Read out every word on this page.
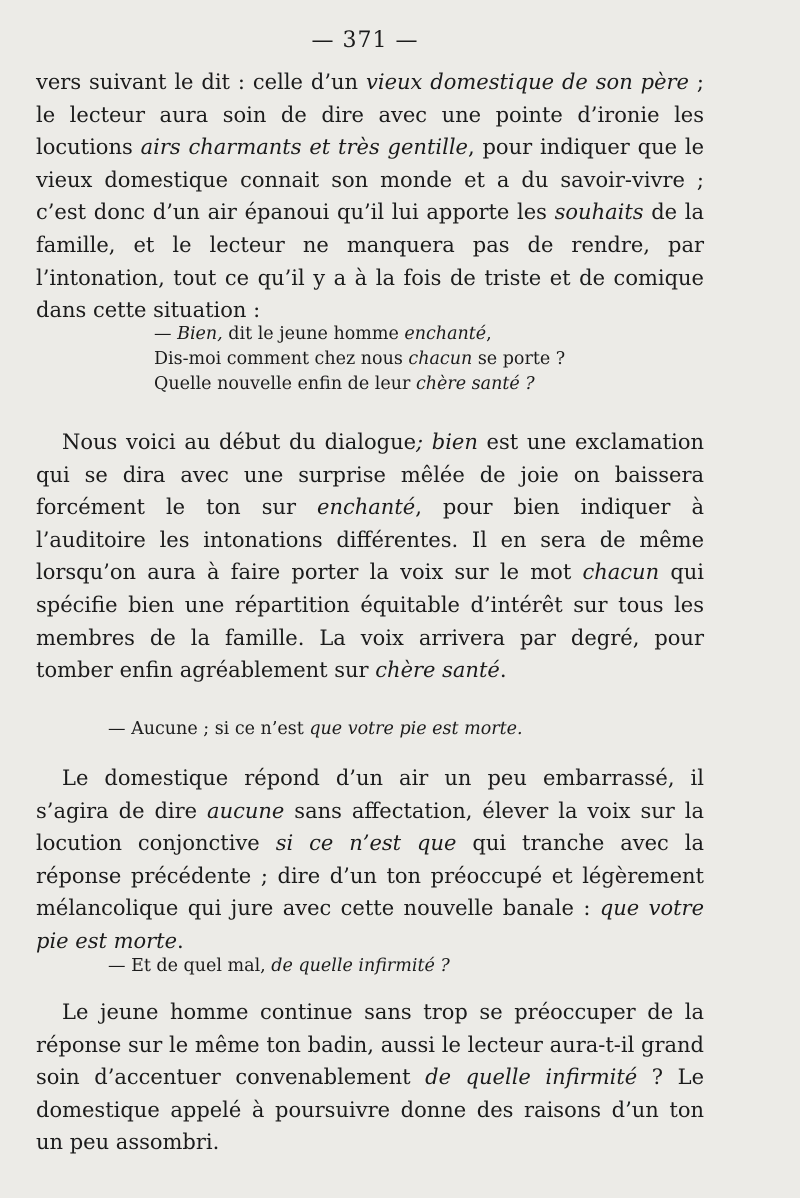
— 371 —
vers suivant le dit : celle d’un vieux domestique de son père ; le lecteur aura soin de dire avec une pointe d’ironie les locutions airs charmants et très gentille, pour indiquer que le vieux domestique connait son monde et a du savoir-vivre ; c’est donc d’un air épanoui qu’il lui apporte les souhaits de la famille, et le lecteur ne manquera pas de rendre, par l’intonation, tout ce qu’il y a à la fois de triste et de comique dans cette situation :
— Bien, dit le jeune homme enchanté,
Dis-moi comment chez nous chacun se porte ?
Quelle nouvelle enfin de leur chère santé ?
Nous voici au début du dialogue; bien est une exclamation qui se dira avec une surprise mêlée de joie on baissera forcément le ton sur enchanté, pour bien indiquer à l’auditoire les intonations différentes. Il en sera de même lorsqu’on aura à faire porter la voix sur le mot chacun qui spécifie bien une répartition équitable d’intérêt sur tous les membres de la famille. La voix arrivera par degré, pour tomber enfin agréablement sur chère santé.
— Aucune ; si ce n’est que votre pie est morte.
Le domestique répond d’un air un peu embarrassé, il s’agira de dire aucune sans affectation, élever la voix sur la locution conjonctive si ce n’est que qui tranche avec la réponse précédente ; dire d’un ton préoccupé et légèrement mélancolique qui jure avec cette nouvelle banale : que votre pie est morte.
— Et de quel mal, de quelle infirmité ?
Le jeune homme continue sans trop se préoccuper de la réponse sur le même ton badin, aussi le lecteur aura-t-il grand soin d’accentuer convenablement de quelle infirmité ? Le domestique appelé à poursuivre donne des raisons d’un ton un peu assombri.
